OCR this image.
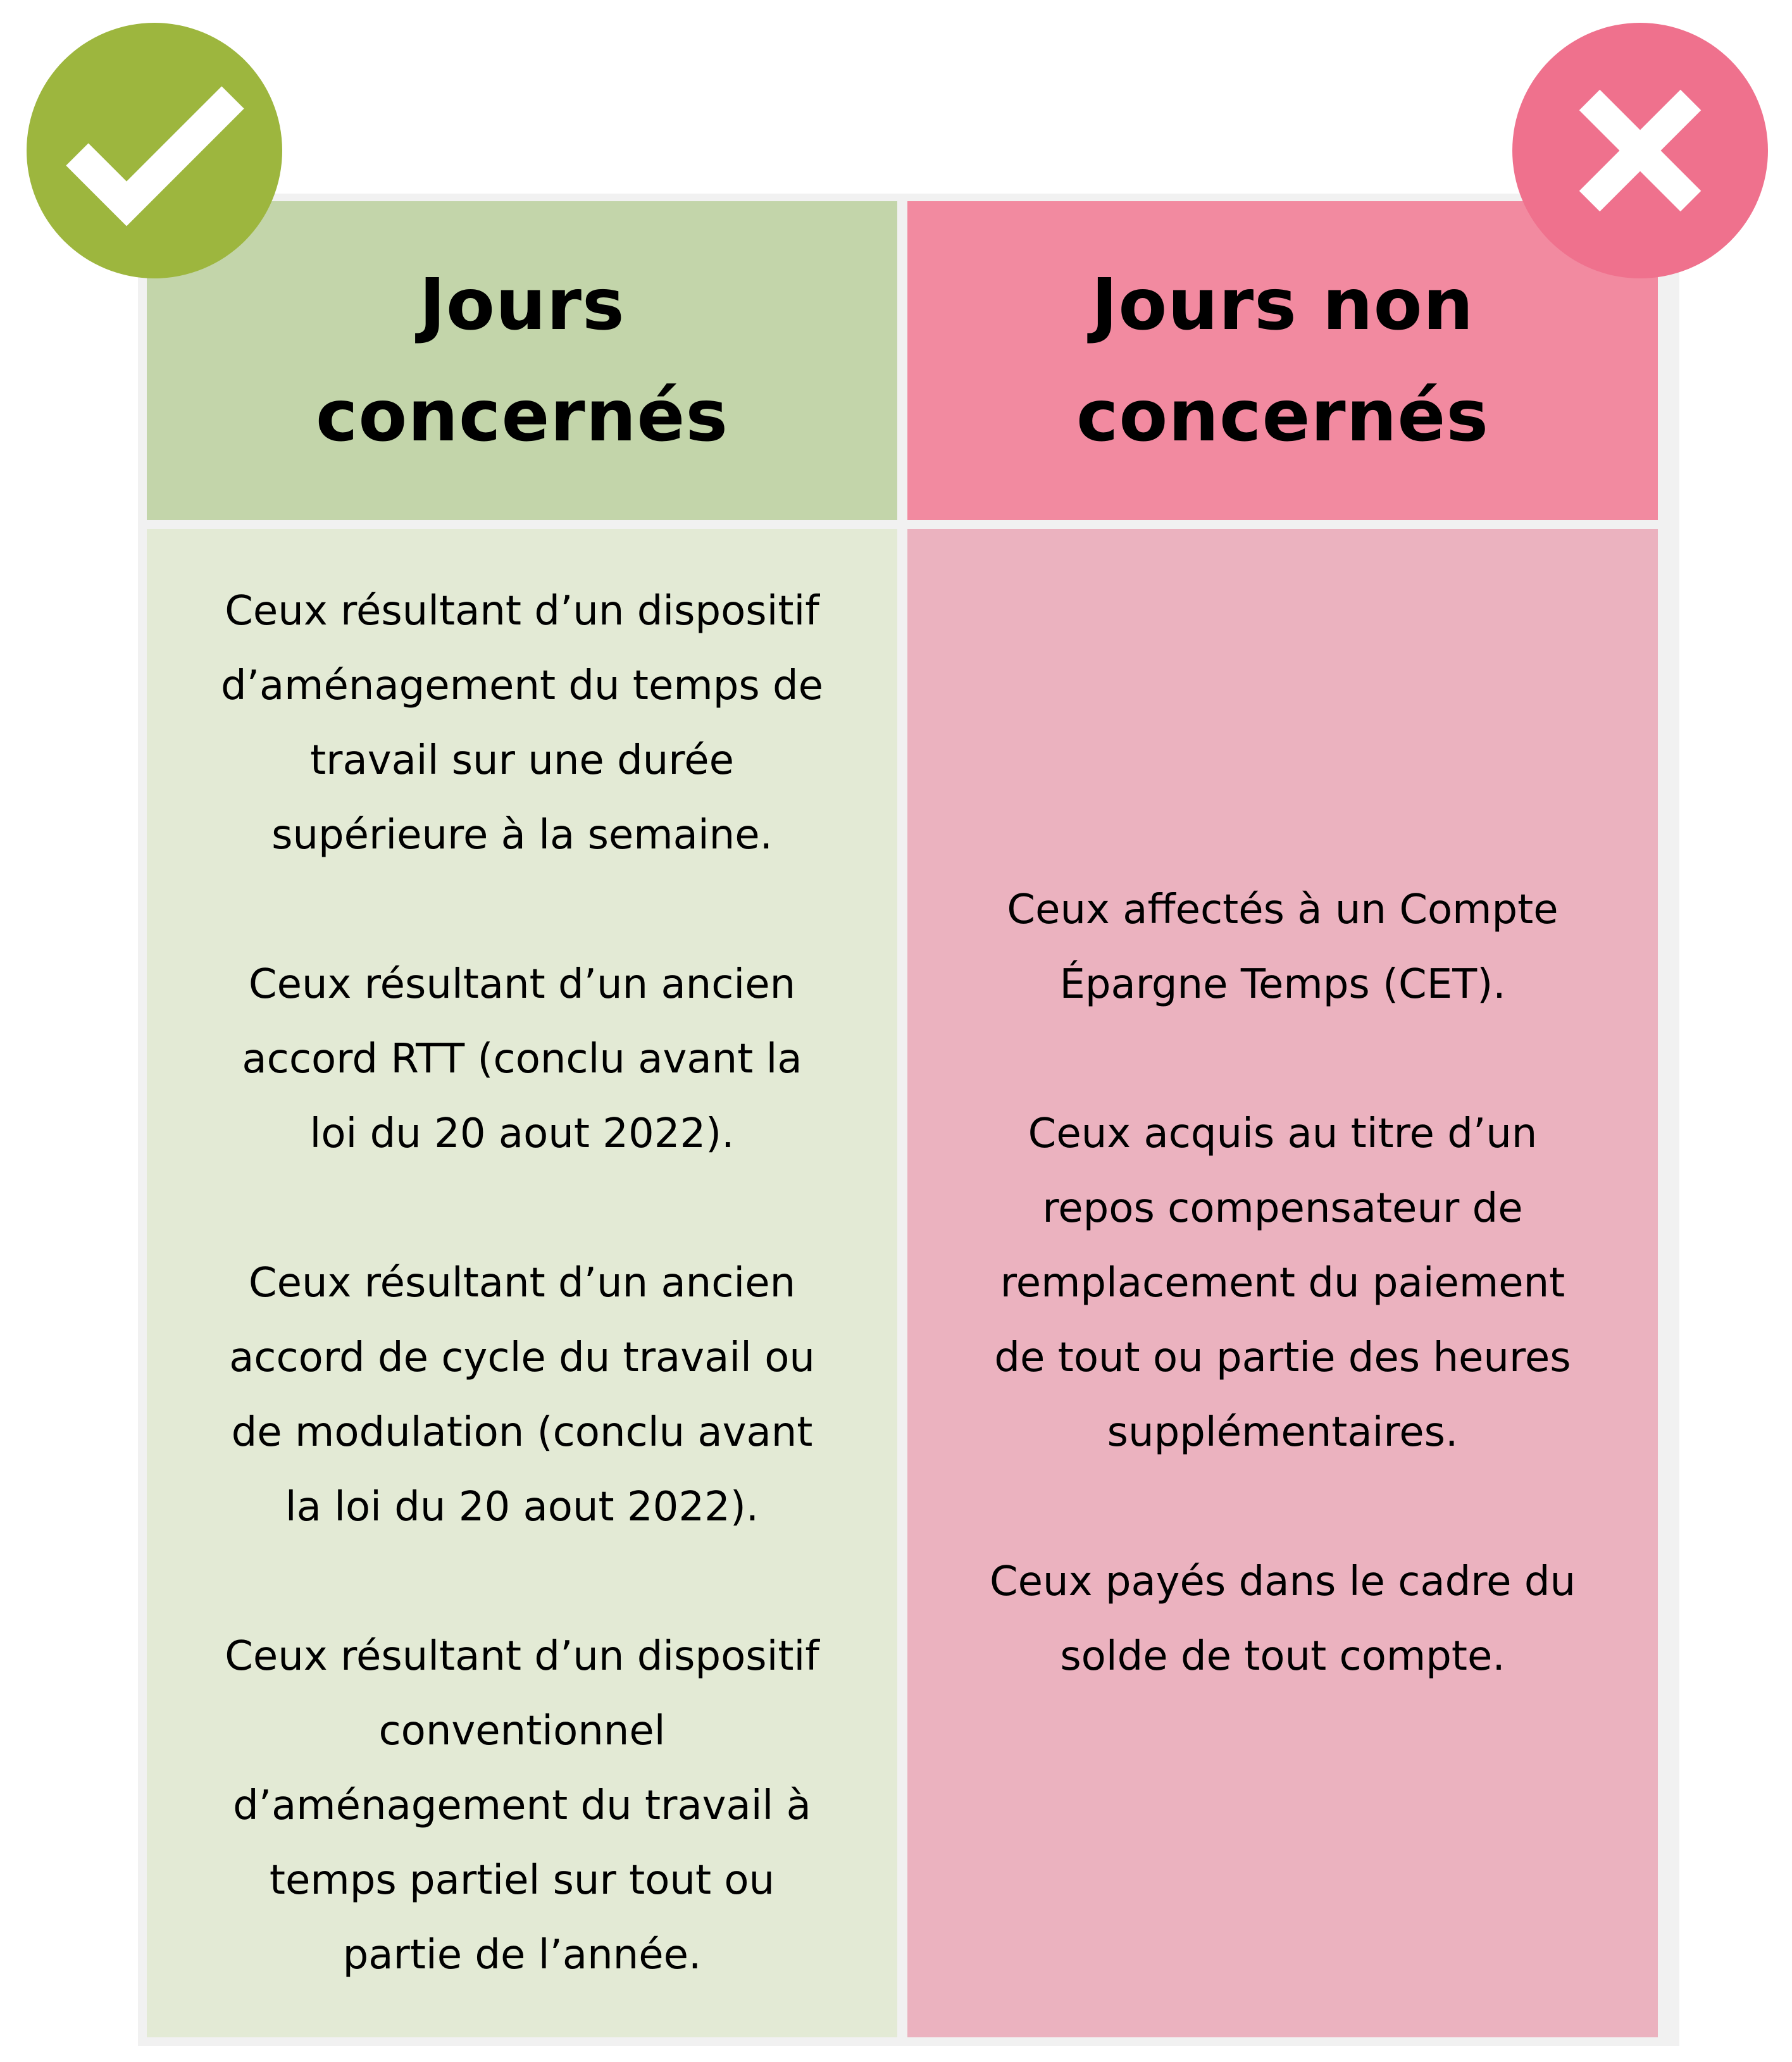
Jours
concernés
Jours non
concernés
Ceux résultant d’un dispositif
d’aménagement du temps de
travail sur une durée
supérieure à la semaine.
Ceux résultant d’un ancien
accord RTT (conclu avant la
loi du 20 aout 2022).
Ceux résultant d’un ancien
accord de cycle du travail ou
de modulation (conclu avant
la loi du 20 aout 2022).
Ceux résultant d’un dispositif
conventionnel
d’aménagement du travail à
temps partiel sur tout ou
partie de l’année.
Ceux affectés à un Compte
Épargne Temps (CET).
Ceux acquis au titre d’un
repos compensateur de
remplacement du paiement
de tout ou partie des heures
supplémentaires.
Ceux payés dans le cadre du
solde de tout compte.
